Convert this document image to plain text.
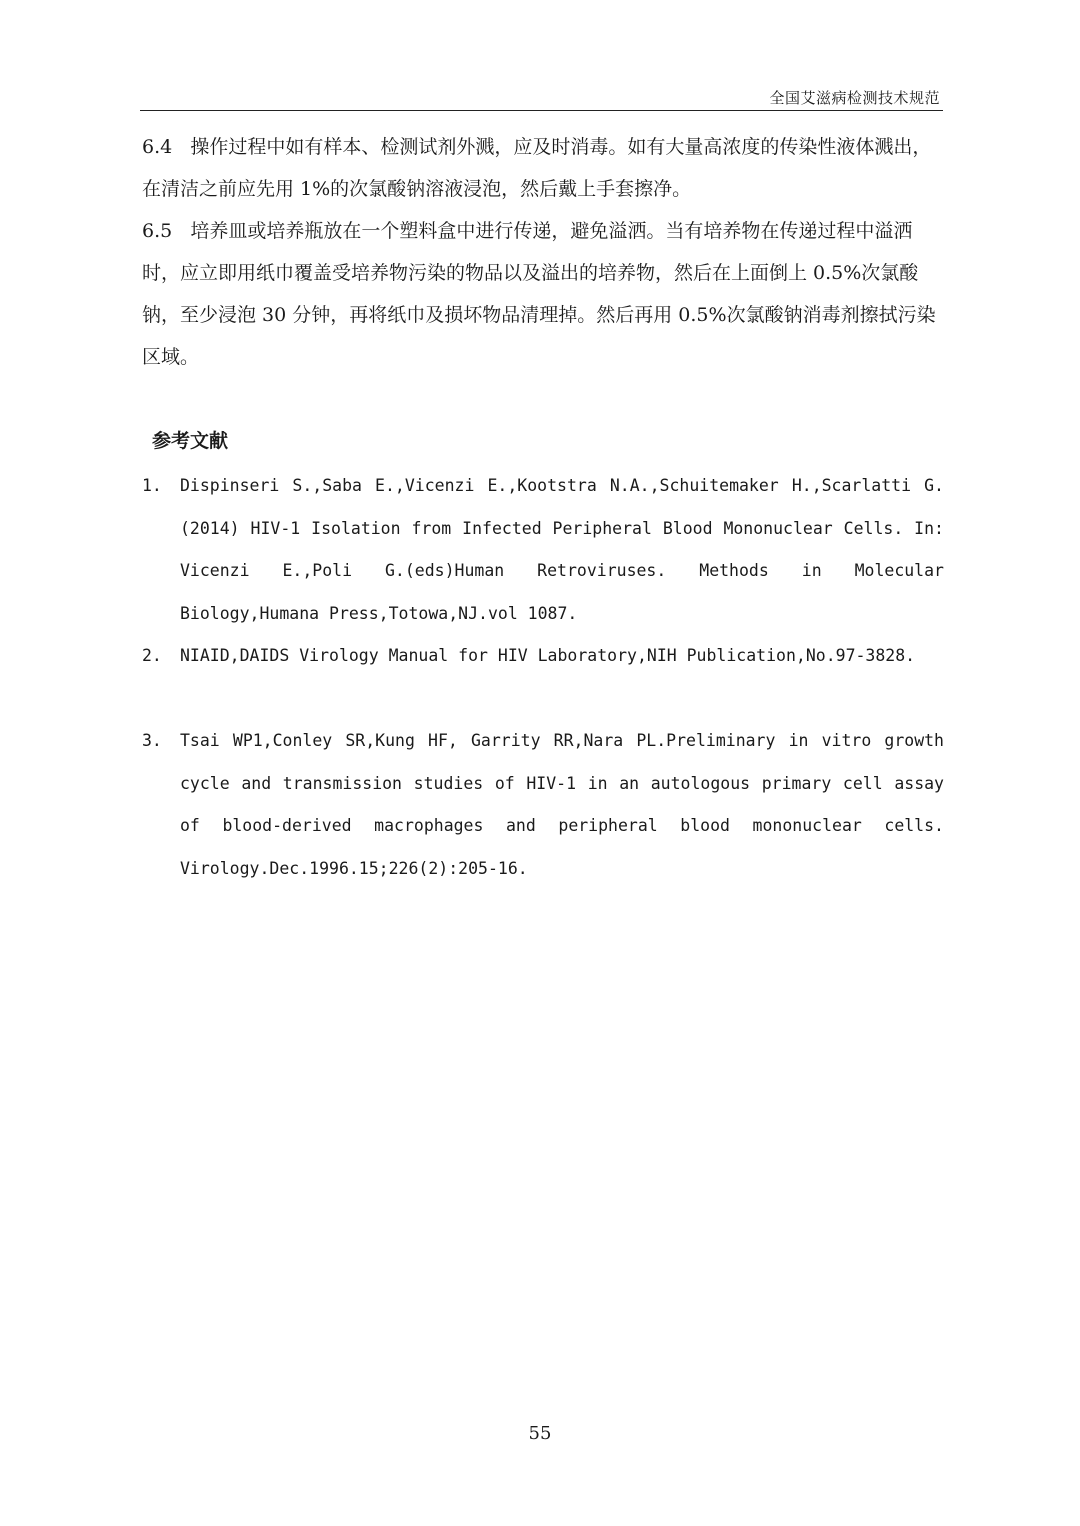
全国艾滋病检测技术规范

6.4 操作过程中如有样本、检测试剂外溅，应及时消毒。如有大量高浓度的传染性液体溅出，在清洁之前应先用 1%的次氯酸钠溶液浸泡，然后戴上手套擦净。

6.5 培养皿或培养瓶放在一个塑料盒中进行传递，避免溢洒。当有培养物在传递过程中溢洒时，应立即用纸巾覆盖受培养物污染的物品以及溢出的培养物，然后在上面倒上 0.5%次氯酸钠，至少浸泡 30 分钟，再将纸巾及损坏物品清理掉。然后再用 0.5%次氯酸钠消毒剂擦拭污染区域。

参考文献
1.	Dispinseri S.,Saba E.,Vicenzi E.,Kootstra N.A.,Schuitemaker H.,Scarlatti G.(2014) HIV-1 Isolation from Infected Peripheral Blood Mononuclear Cells. In: Vicenzi E.,Poli G.(eds)Human Retroviruses. Methods in Molecular Biology,Humana Press,Totowa,NJ.vol 1087.
2.	NIAID,DAIDS Virology Manual for HIV Laboratory,NIH Publication,No.97-3828.
3.	Tsai WP1,Conley SR,Kung HF, Garrity RR,Nara PL.Preliminary in vitro growth cycle and transmission studies of HIV-1 in an autologous primary cell assay of blood-derived macrophages and peripheral blood mononuclear cells. Virology.Dec.1996.15;226(2):205-16.
55
